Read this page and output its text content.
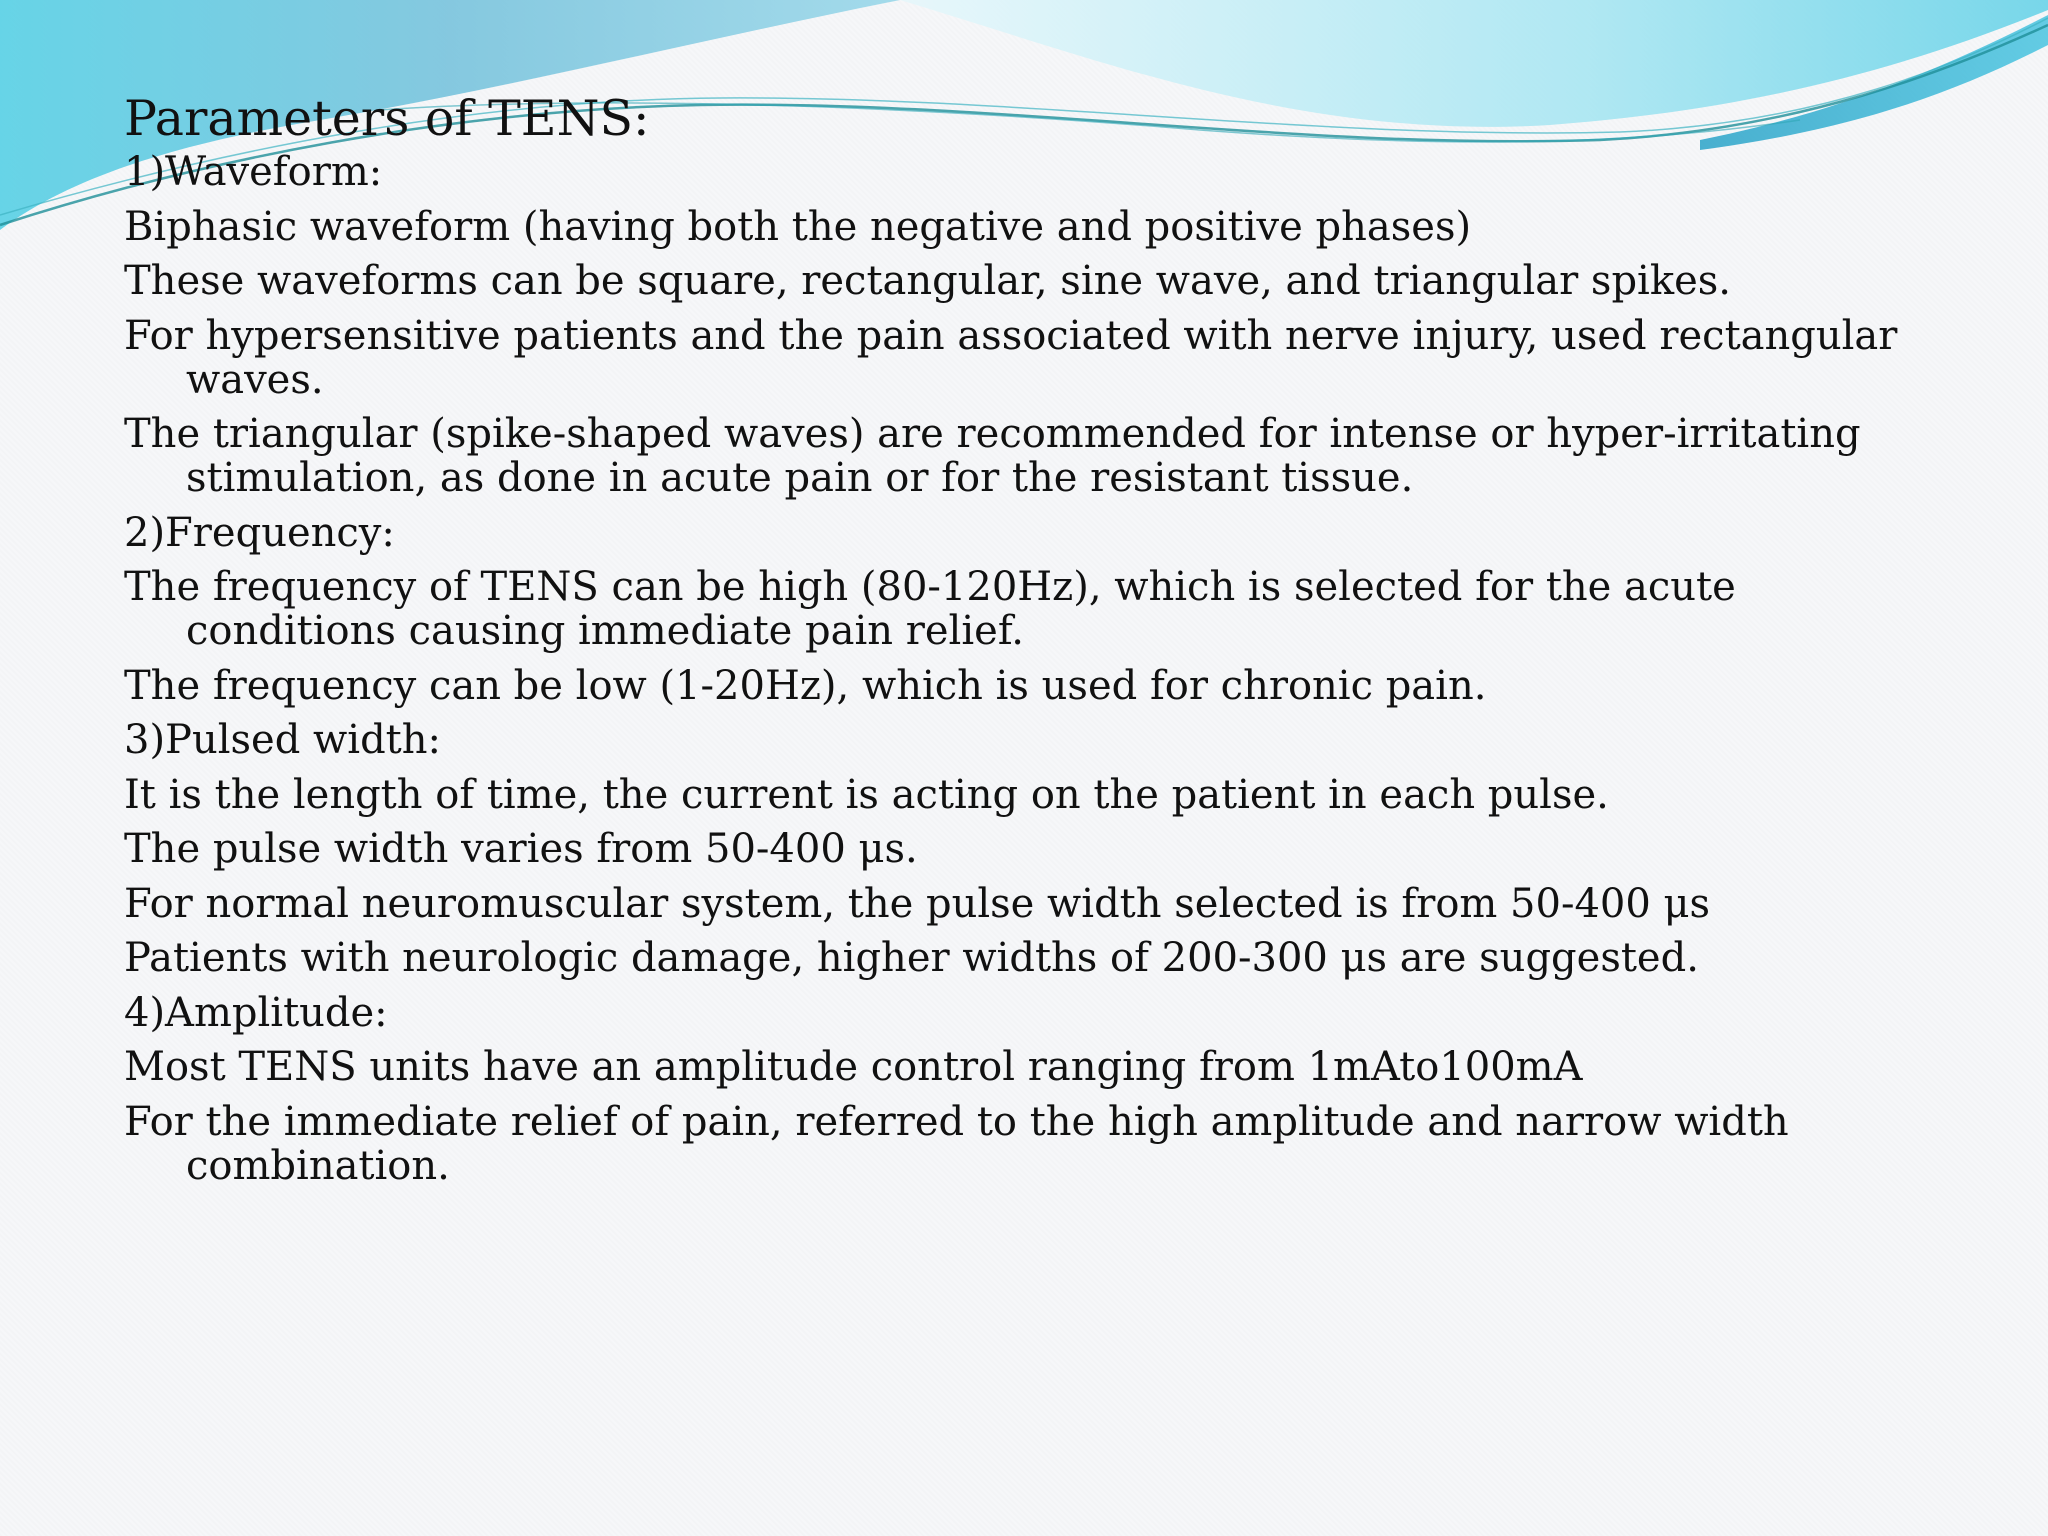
Parameters of TENS:

1)Waveform:

Biphasic waveform (having both the negative and positive phases)

These waveforms can be square, rectangular, sine wave, and triangular spikes.

For hypersensitive patients and the pain associated with nerve injury, used rectangular waves.

The triangular (spike-shaped waves) are recommended for intense or hyper-irritating stimulation, as done in acute pain or for the resistant tissue.

2)Frequency:

The frequency of TENS can be high (80-120Hz), which is selected for the acute conditions causing immediate pain relief.

The frequency can be low (1-20Hz), which is used for chronic pain.

3)Pulsed width:

It is the length of time, the current is acting on the patient in each pulse.

The pulse width varies from 50-400 μs.

For normal neuromuscular system, the pulse width selected is from 50-400 μs

Patients with neurologic damage, higher widths of 200-300 μs are suggested.

4)Amplitude:

Most TENS units have an amplitude control ranging from 1mAto100mA

For the immediate relief of pain, referred to the high amplitude and narrow width combination.
